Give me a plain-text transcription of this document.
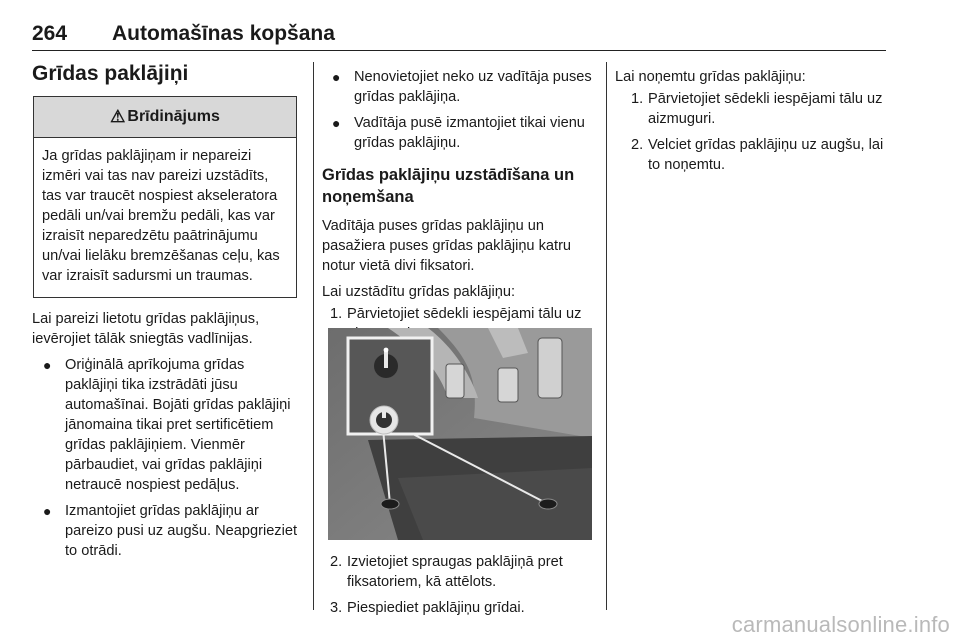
264 Automašīnas kopšana
Grīdas paklājiņi
⚠ Brīdinājums
Ja grīdas paklājiņam ir nepareizi izmēri vai tas nav pareizi uzstādīts, tas var traucēt nospiest akseleratora pedāli un/vai bremžu pedāli, kas var izraisīt neparedzētu paātrinājumu un/vai lielāku bremzēšanas ceļu, kas var izraisīt sadursmi un traumas.

Lai pareizi lietotu grīdas paklājiņus, ievērojiet tālāk sniegtās vadlīnijas.

● Oriģinālā aprīkojuma grīdas paklājiņi tika izstrādāti jūsu automašīnai. Bojāti grīdas paklājiņi jānomaina tikai pret sertificētiem grīdas paklājiņiem. Vienmēr pārbaudiet, vai grīdas paklājiņi netraucē nospiest pedāļus.
● Izmantojiet grīdas paklājiņu ar pareizo pusi uz augšu. Neapgrieziet to otrādi.
● Nenovietojiet neko uz vadītāja puses grīdas paklājiņa.
● Vadītāja pusē izmantojiet tikai vienu grīdas paklājiņu.
Grīdas paklājiņu uzstādīšana un noņemšana

Vadītāja puses grīdas paklājiņu un pasažiera puses grīdas paklājiņu katru notur vietā divi fiksatori.

Lai uzstādītu grīdas paklājiņu:

1. Pārvietojiet sēdekli iespējami tālu uz
2. Izvietojiet spraugas paklājiņā pret fiksatoriem, kā attēlots.
3. Piespiediet paklājiņu grīdai.

Lai noņemtu grīdas paklājiņu:

1. Pārvietojiet sēdekli iespējami tālu uz aizmuguri.
2. Velciet grīdas paklājiņu uz augšu, lai to noņemtu.
carmanualsonline.info
